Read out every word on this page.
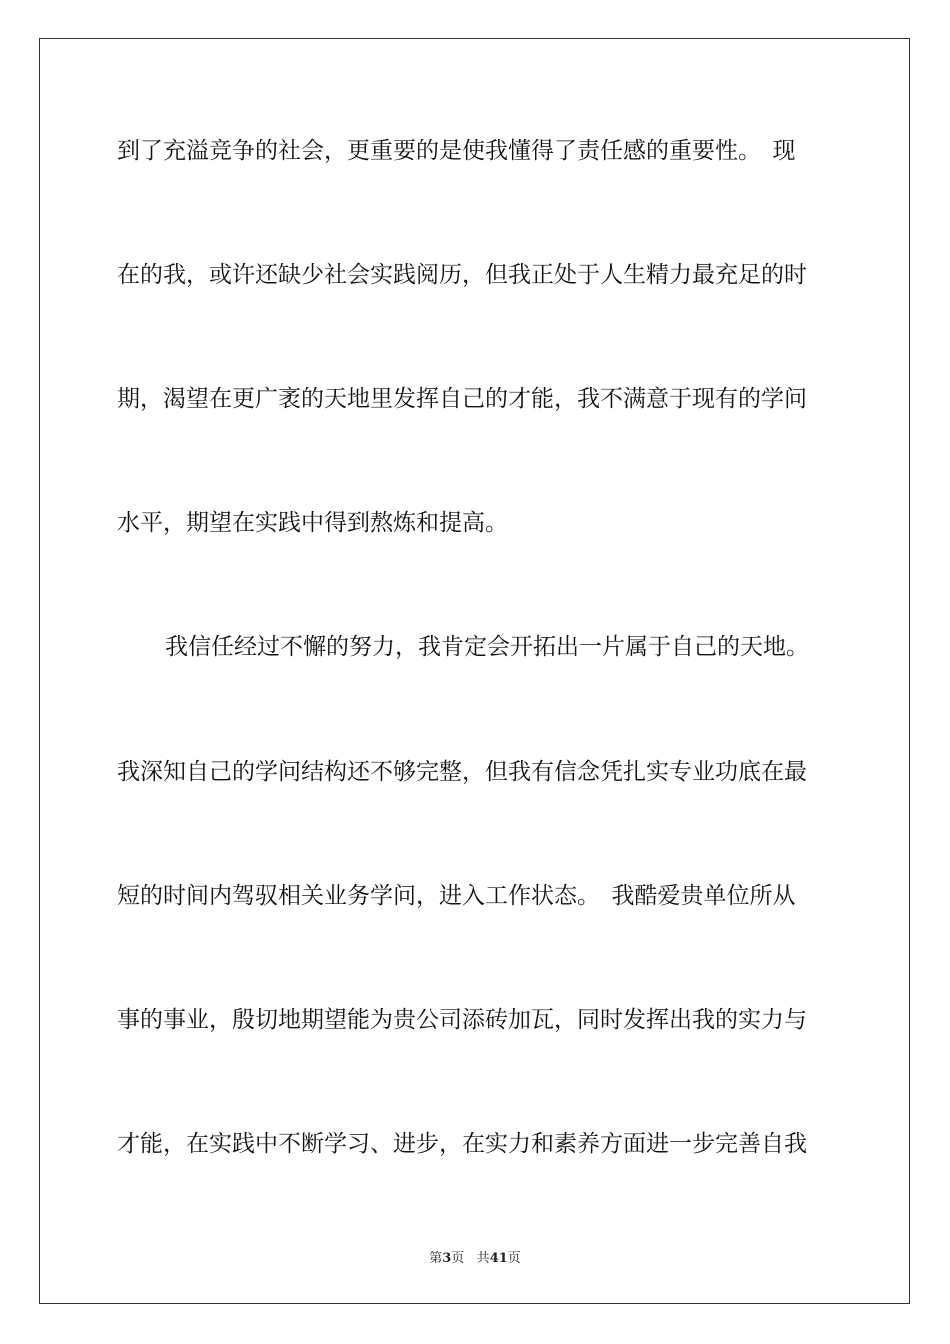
到了充溢竞争的社会，更重要的是使我懂得了责任感的重要性。　现
在的我，或许还缺少社会实践阅历，但我正处于人生精力最充足的时
期，渴望在更广袤的天地里发挥自己的才能，我不满意于现有的学问
水平，期望在实践中得到熬炼和提高。
我信任经过不懈的努力，我肯定会开拓出一片属于自己的天地。
我深知自己的学问结构还不够完整，但我有信念凭扎实专业功底在最
短的时间内驾驭相关业务学问，进入工作状态。　我酷爱贵单位所从
事的事业，殷切地期望能为贵公司添砖加瓦，同时发挥出我的实力与
才能，在实践中不断学习、进步，在实力和素养方面进一步完善自我
第3页 共41页
